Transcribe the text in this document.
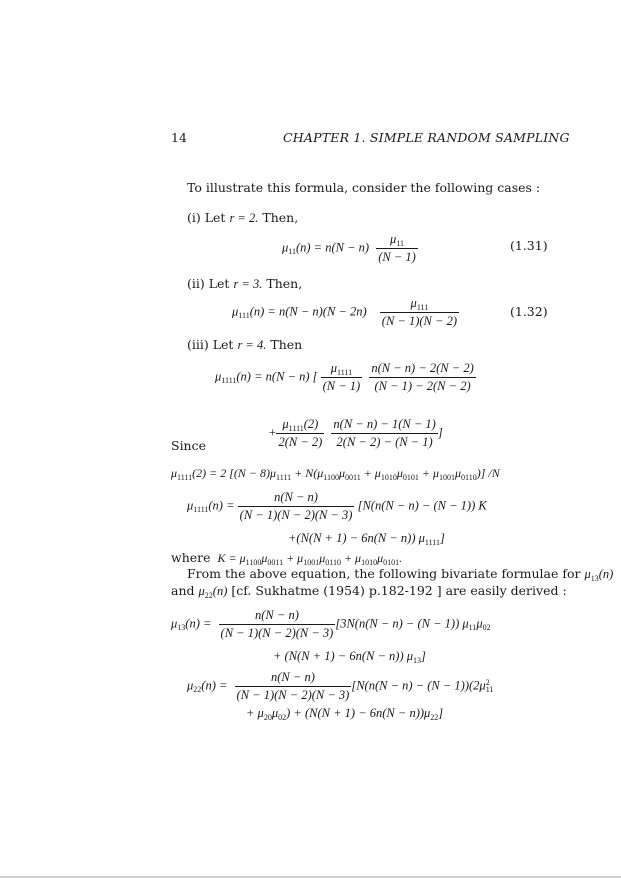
14	CHAPTER 1. SIMPLE RANDOM SAMPLING
To illustrate this formula, consider the following cases :
(i) Let r = 2. Then,
$\mu_{11}(n) = n(N - n) \frac{\mu_{11}}{(N - 1)}$	(1.31)
(ii) Let r = 3. Then,
$\mu_{111}(n) = n(N - n)(N - 2n) \frac{\mu_{111}}{(N - 1)(N - 2)}$	(1.32)
(iii) Let r = 4. Then
$\mu_{1111}(n) = n(N - n)$ [ $\frac{\mu_{1111}}{(N - 1)}$
$\frac{n(N - n) - 2(N - 2)}{(N - 1) - 2(N - 2)}$
+ $\frac{\mu_{1111}(2)}{2(N - 2)}$
$\frac{n(N - n) - 1(N - 1)}{2(N - 2) - (N - 1)}$ ]
Since
$\mu_{1111}(2) = 2$ $[(N - 8)\mu_{1111} + N(\mu_{1100}\mu_{0011} + \mu_{1010}\mu_{0101} + \mu_{1001}\mu_{0110})]$ /N
$\mu_{1111}(n) = \frac{n(N - n)}{(N - 1)(N - 2)(N - 3)} [N(n(N - n) - (N - 1))$ K
+(N(N + 1) − 6n(N − n)) $\mu_{1111}$]
where  $K = \mu_{1100}\mu_{0011} + \mu_{1001}\mu_{0110} + \mu_{1010}\mu_{0101}$.
From the above equation, the following bivariate formulae for $\mu_{13}(n)$
and $\mu_{22}(n)$ [cf. Sukhatme (1954) p.182-192 ] are easily derived :
$\mu_{13}(n) = \frac{n(N - n)}{(N - 1)(N - 2)(N - 3)} [3N(n(N - n) - (N - 1))$ $\mu_{11}\mu_{02}$
+ (N(N + 1) − 6n(N − n)) $\mu_{13}$]
$\mu_{22}(n) = \frac{n(N - n)}{(N - 1)(N - 2)(N - 3)} [N(n(N - n) - (N - 1))(2\mu^2_{11}$
+ $\mu_{20}\mu_{02}) + (N(N + 1) - 6n(N - n))\mu_{22}$]
